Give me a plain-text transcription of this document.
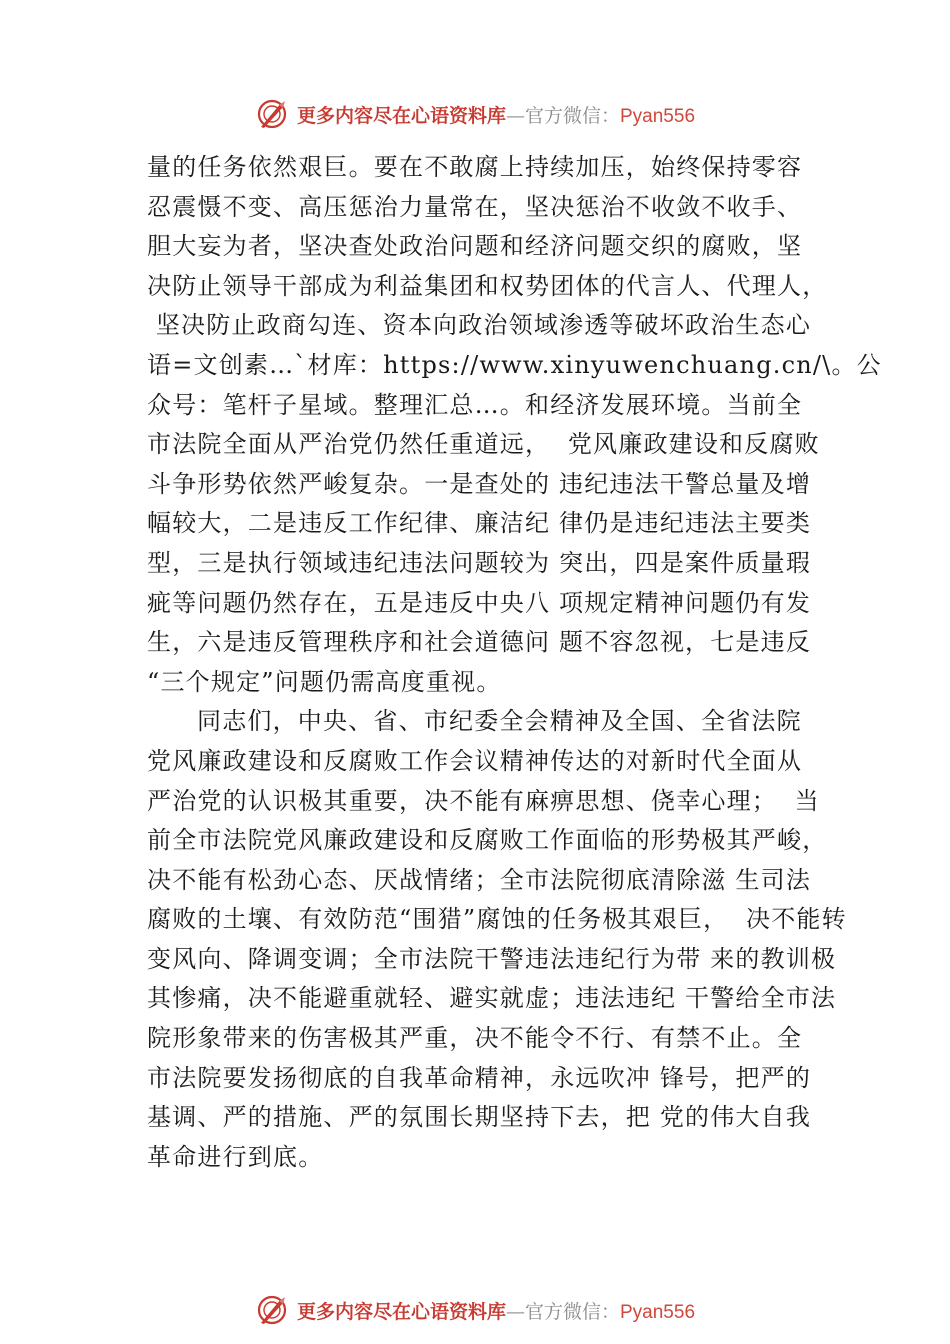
更多内容尽在心语资料库—官方微信：Pyan556
量的任务依然艰巨。要在不敢腐上持续加压，始终保持零容
忍震慑不变、高压惩治力量常在，坚决惩治不收敛不收手、
胆大妄为者，坚决查处政治问题和经济问题交织的腐败，坚
决防止领导干部成为利益集团和权势团体的代言人、代理人，
坚决防止政商勾连、资本向政治领域渗透等破坏政治生态心
语=文创素…`材库：https://www.xinyuwenchuang.cn/\。公
众号：笔杆子星域。整理汇总…。和经济发展环境。当前全
市法院全面从严治党仍然任重道远，  党风廉政建设和反腐败
斗争形势依然严峻复杂。一是查处的 违纪违法干警总量及增
幅较大，二是违反工作纪律、廉洁纪 律仍是违纪违法主要类
型，三是执行领域违纪违法问题较为 突出，四是案件质量瑕
疵等问题仍然存在，五是违反中央八 项规定精神问题仍有发
生，六是违反管理秩序和社会道德问 题不容忽视，七是违反
“三个规定”问题仍需高度重视。
同志们，中央、省、市纪委全会精神及全国、全省法院
党风廉政建设和反腐败工作会议精神传达的对新时代全面从
严治党的认识极其重要，决不能有麻痹思想、侥幸心理；  当
前全市法院党风廉政建设和反腐败工作面临的形势极其严峻，
决不能有松劲心态、厌战情绪；全市法院彻底清除滋 生司法
腐败的土壤、有效防范“围猎”腐蚀的任务极其艰巨，  决不能转
变风向、降调变调；全市法院干警违法违纪行为带 来的教训极
其惨痛，决不能避重就轻、避实就虚；违法违纪 干警给全市法
院形象带来的伤害极其严重，决不能令不行、有禁不止。全
市法院要发扬彻底的自我革命精神，永远吹冲 锋号，把严的
基调、严的措施、严的氛围长期坚持下去，把 党的伟大自我
革命进行到底。
更多内容尽在心语资料库—官方微信：Pyan556
